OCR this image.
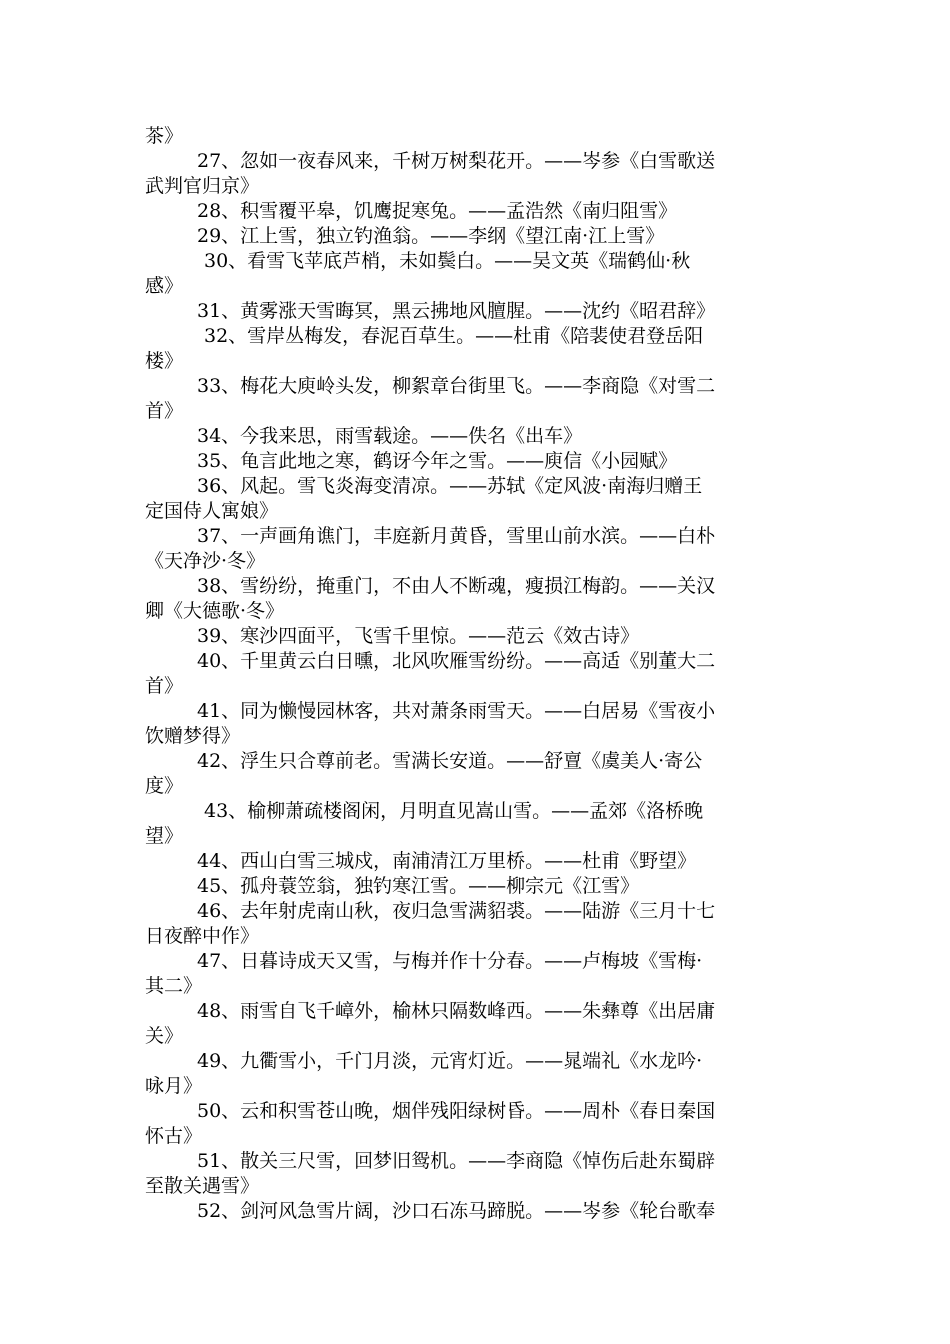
茶》
27、忽如一夜春风来，千树万树梨花开。——岑参《白雪歌送
武判官归京》
28、积雪覆平皋，饥鹰捉寒兔。——孟浩然《南归阻雪》
29、江上雪，独立钓渔翁。——李纲《望江南·江上雪》
30、看雪飞苹底芦梢，未如鬓白。——吴文英《瑞鹤仙·秋
感》
31、黄雾涨天雪晦冥，黑云拂地风膻腥。——沈约《昭君辞》
32、雪岸丛梅发，春泥百草生。——杜甫《陪裴使君登岳阳
楼》
33、梅花大庾岭头发，柳絮章台街里飞。——李商隐《对雪二
首》
34、今我来思，雨雪载途。——佚名《出车》
35、龟言此地之寒，鹤讶今年之雪。——庾信《小园赋》
36、风起。雪飞炎海变清凉。——苏轼《定风波·南海归赠王
定国侍人寓娘》
37、一声画角谯门，丰庭新月黄昏，雪里山前水滨。——白朴
《天净沙·冬》
38、雪纷纷，掩重门，不由人不断魂，瘦损江梅韵。——关汉
卿《大德歌·冬》
39、寒沙四面平，飞雪千里惊。——范云《效古诗》
40、千里黄云白日曛，北风吹雁雪纷纷。——高适《别董大二
首》
41、同为懒慢园林客，共对萧条雨雪天。——白居易《雪夜小
饮赠梦得》
42、浮生只合尊前老。雪满长安道。——舒亶《虞美人·寄公
度》
43、榆柳萧疏楼阁闲，月明直见嵩山雪。——孟郊《洛桥晚
望》
44、西山白雪三城戍，南浦清江万里桥。——杜甫《野望》
45、孤舟蓑笠翁，独钓寒江雪。——柳宗元《江雪》
46、去年射虎南山秋，夜归急雪满貂裘。——陆游《三月十七
日夜醉中作》
47、日暮诗成天又雪，与梅并作十分春。——卢梅坡《雪梅·
其二》
48、雨雪自飞千嶂外，榆林只隔数峰西。——朱彝尊《出居庸
关》
49、九衢雪小，千门月淡，元宵灯近。——晁端礼《水龙吟·
咏月》
50、云和积雪苍山晚，烟伴残阳绿树昏。——周朴《春日秦国
怀古》
51、散关三尺雪，回梦旧鸳机。——李商隐《悼伤后赴东蜀辟
至散关遇雪》
52、剑河风急雪片阔，沙口石冻马蹄脱。——岑参《轮台歌奉
